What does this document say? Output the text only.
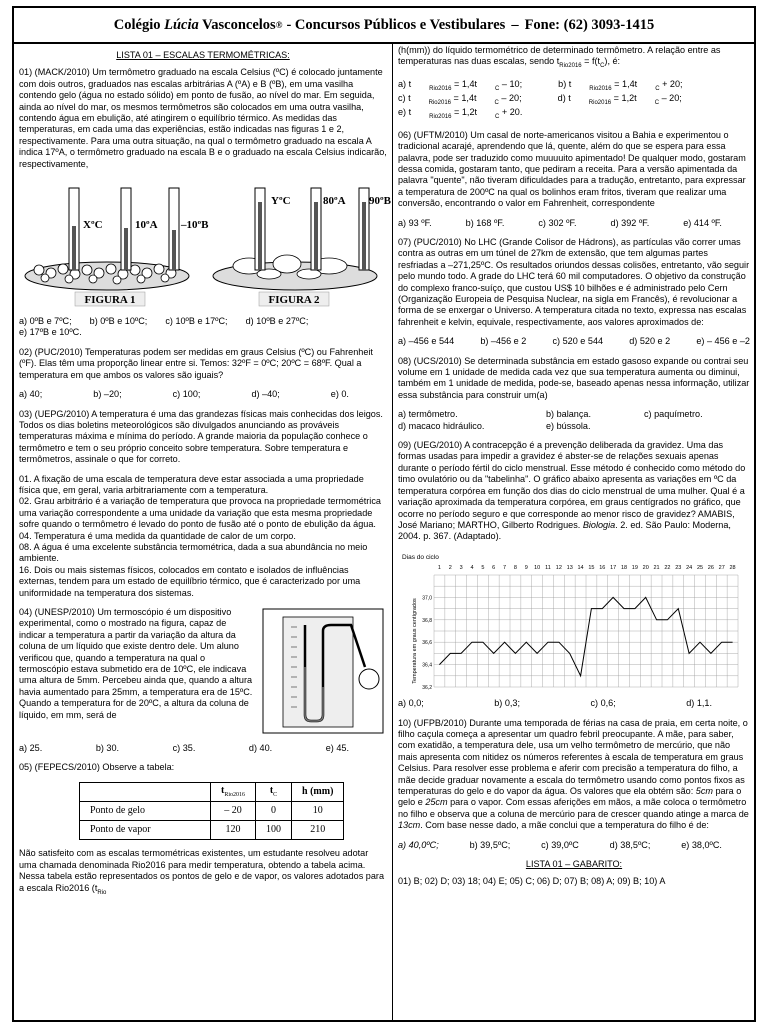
Colégio Lúcia Vasconcelos ® - Concursos Públicos e Vestibulares – Fone: (62) 3093-1415
LISTA 01 – ESCALAS TERMOMÉTRICAS:

01) (MACK/2010) Um termômetro graduado na escala Celsius (ºC) é colocado juntamente com dois outros, graduados nas escalas arbitrárias A (ºA) e B (ºB), em uma vasilha contendo gelo (água no estado sólido) em ponto de fusão, ao nível do mar. Em seguida, ainda ao nível do mar, os mesmos termômetros são colocados em uma outra vasilha, contendo água em ebulição, até atingirem o equilíbrio térmico. As medidas das temperaturas, em cada uma das experiências, estão indicadas nas figuras 1 e 2, respectivamente. Para uma outra situação, na qual o termômetro graduado na escala A indica 17ºA, o termômetro graduado na escala B e o graduado na escala Celsius indicarão, respectivamente,

XºC	10ºA –10ºB
FIGURA 1
YºC	80ºA 90ºB
FIGURA 2
a) 0ºB e 7ºC; b) 0ºB e 10ºC; c) 10ºB e 17ºC; d) 10ºB e 27ºC;
e) 17ºB e 10ºC.

02) (PUC/2010) Temperaturas podem ser medidas em graus Celsius (ºC) ou Fahrenheit (ºF). Elas têm uma proporção linear entre si. Temos: 32ºF = 0ºC; 20ºC = 68ºF. Qual a temperatura em que ambos os valores são iguais?

a) 40;	b) –20;	c) 100;	d) –40;	e) 0.

03) (UEPG/2010) A temperatura é uma das grandezas físicas mais conhecidas dos leigos. Todos os dias boletins meteorológicos são divulgados anunciando as prováveis temperaturas máxima e mínima do período. A grande maioria da população conhece o termômetro e tem o seu próprio conceito sobre temperatura. Sobre temperatura e termômetros, assinale o que for correto.

01. A fixação de uma escala de temperatura deve estar associada a uma propriedade física que, em geral, varia arbitrariamente com a temperatura.
02. Grau arbitrário é a variação de temperatura que provoca na propriedade termométrica uma variação correspondente a uma unidade da variação que esta mesma propriedade sofre quando o termômetro é levado do ponto de fusão até o ponto de ebulição da água.
04. Temperatura é uma medida da quantidade de calor de um corpo.
08. A água é uma excelente substância termométrica, dada a sua abundância no meio ambiente.
16. Dois ou mais sistemas físicos, colocados em contato e isolados de influências externas, tendem para um estado de equilíbrio térmico, que é caracterizado por uma uniformidade na temperatura dos sistemas.
04) (UNESP/2010) Um termoscópio é um dispositivo experimental, como o mostrado na figura, capaz de indicar a temperatura a partir da variação da altura da coluna de um líquido que existe dentro dele. Um aluno verificou que, quando a temperatura na qual o termoscópio estava submetido era de 10ºC, ele indicava uma altura de 5mm. Percebeu ainda que, quando a altura havia aumentado para 25mm, a temperatura era de 15ºC. Quando a temperatura for de 20ºC, a altura da coluna de líquido, em mm, será de
a) 25.	b) 30.	c) 35.	d) 40.	e) 45.

05) (FEPECS/2010) Observe a tabela:

	$t_{Rio2016}$	$t_C$	h (mm)
Ponto de gelo	– 20	0	10
Ponto de vapor	120	100	210

Não satisfeito com as escalas termométricas existentes, um estudante resolveu adotar uma chamada denominada Rio2016 para medir temperatura, obtendo a tabela acima. Nessa tabela estão representados os pontos de gelo e de vapor, os valores adotados para a escala Rio2016 ($t_{Rio}$

(h(mm)) do líquido termométrico de determinado termômetro. A relação entre as temperaturas nas duas escalas, sendo $t_{Rio2016} = f(t_C)$, é:

a) t	$_{Rio2016}$ = 1,4t	$_C$ – 10;	b) t	$_{Rio2016}$ = 1,4t	$_C$ + 20;
c) t	$_{Rio2016}$ = 1,4t	$_C$ – 20;	d) t	$_{Rio2016}$ = 1,2t	$_C$ – 20;
e) t	$_{Rio2016}$ = 1,2t	$_C$ + 20.

06) (UFTM/2010) Um casal de norte-americanos visitou a Bahia e experimentou o tradicional acarajé, aprendendo que lá, quente, além do que se espera para essa palavra, pode ser traduzido como muuuuito apimentado! De qualquer modo, gostaram dessa comida, gostaram tanto, que pediram a receita. Para a versão apimentada da palavra "quente", não tiveram dificuldades para a tradução, entretanto, para expressar a temperatura de 200ºC na qual os bolinhos eram fritos, tiveram que realizar uma conversão, encontrando o valor em Fahrenheit, correspondente

a) 93 ºF.	b) 168 ºF.	c) 302 ºF.	d) 392 ºF.	e) 414 ºF.

07) (PUC/2010) No LHC (Grande Colisor de Hádrons), as partículas vão correr umas contra as outras em um túnel de 27km de extensão, que tem algumas partes resfriadas a –271,25ºC. Os resultados oriundos dessas colisões, entretanto, vão seguir pelo mundo todo. A grade do LHC terá 60 mil computadores. O objetivo da construção do complexo franco-suíço, que custou US$ 10 bilhões e é administrado pelo Cern (Organização Europeia de Pesquisa Nuclear, na sigla em Francês), é revolucionar a forma de se enxergar o Universo. A temperatura citada no texto, expressa nas escalas fahrenheit e kelvin, equivale, respectivamente, aos valores aproximados de:

a) –456 e 544	b) –456 e 2	c) 520 e 544	d) 520 e 2	e) – 456 e –2

08) (UCS/2010) Se determinada substância em estado gasoso expande ou contrai seu volume em 1 unidade de medida cada vez que sua temperatura aumenta ou diminui, também em 1 unidade de medida, pode-se, baseado apenas nessa informação, utilizar essa substância para construir um(a)

a) termômetro.	b) balança.	c) paquímetro.
d) macaco hidráulico.	e) bússola.

09) (UEG/2010) A contracepção é a prevenção deliberada da gravidez. Uma das formas usadas para impedir a gravidez é abster-se de relações sexuais apenas durante o período fértil do ciclo menstrual. Esse método é conhecido como método do timo ovulatório ou da "tabelinha". O gráfico abaixo apresenta as variações em ºC da temperatura corpórea em função dos dias do ciclo menstrual de uma mulher. Qual é a variação aproximada da temperatura corpórea, em graus centígrados no gráfico, que ocorre no período seguro e que corresponde ao menor risco de gravidez? AMABIS, José Mariano; MARTHO, Gilberto Rodrigues. Biologia. 2. ed. São Paulo: Moderna, 2004. p. 367. (Adaptado).

Dias do ciclo
Temperatura em graus centígrados
1 2 3 4 5 6 7 8 9 10 11 12 13 14 15 16 17 18 19 20 21 22 23 24 25 26 27 28
36,2
36,4
36,6
36,8
37,0
a) 0,0;	b) 0,3;	c) 0,6;	d) 1,1.

10) (UFPB/2010) Durante uma temporada de férias na casa de praia, em certa noite, o filho caçula começa a apresentar um quadro febril preocupante. A mãe, para saber, com exatidão, a temperatura dele, usa um velho termômetro de mercúrio, que não mais apresenta com nitidez os números referentes à escala de temperatura em graus Celsius. Para resolver esse problema e aferir com precisão a temperatura do filho, a mãe decide graduar novamente a escala do termômetro usando como pontos fixos as temperaturas do gelo e do vapor da água. Os valores que ela obtém são: 5cm para o gelo e 25cm para o vapor. Com essas aferições em mãos, a mãe coloca o termômetro no filho e observa que a coluna de mercúrio para de crescer quando atinge a marca de 13cm. Com base nesse dado, a mãe conclui que a temperatura do filho é de:

a) 40,0ºC;	b) 39,5ºC;	c) 39,0ºC	d) 38,5ºC;	e) 38,0ºC.
LISTA 01 – GABARITO:
01) B; 02) D; 03) 18; 04) E; 05) C; 06) D; 07) B; 08) A; 09) B; 10) A
